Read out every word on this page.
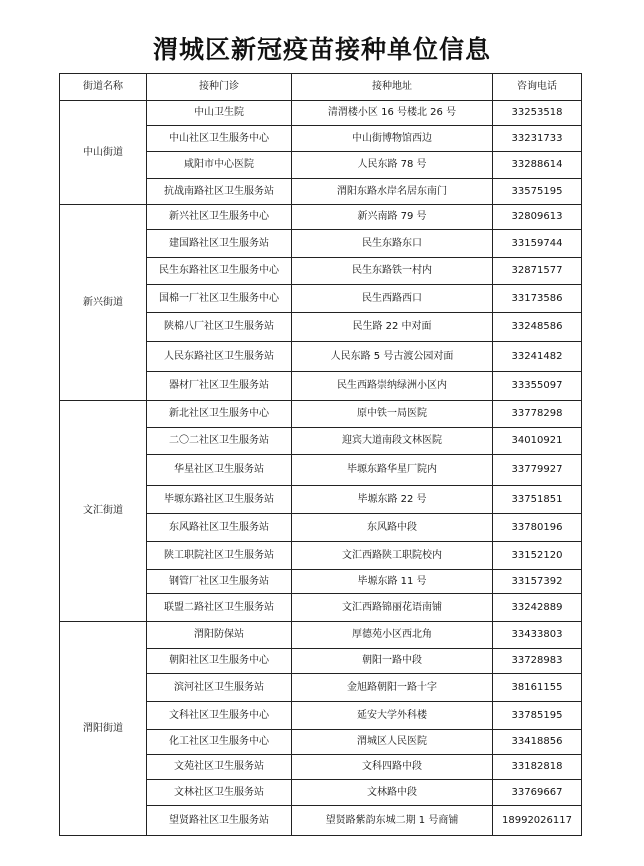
渭城区新冠疫苗接种单位信息
街道名称	接种门诊	接种地址	咨询电话
中山街道	中山卫生院	清渭楼小区 16 号楼北 26 号	33253518
	中山社区卫生服务中心	中山街博物馆西边	33231733
	咸阳市中心医院	人民东路 78 号	33288614
	抗战南路社区卫生服务站	渭阳东路水岸名居东南门	33575195
新兴街道	新兴社区卫生服务中心	新兴南路 79 号	32809613
	建国路社区卫生服务站	民生东路东口	33159744
	民生东路社区卫生服务中心	民生东路铁一村内	32871577
	国棉一厂社区卫生服务中心	民生西路西口	33173586
	陕棉八厂社区卫生服务站	民生路 22 中对面	33248586
	人民东路社区卫生服务站	人民东路 5 号古渡公园对面	33241482
	器材厂社区卫生服务站	民生西路崇纳绿洲小区内	33355097
文汇街道	新北社区卫生服务中心	原中铁一局医院	33778298
	二〇二社区卫生服务站	迎宾大道南段文林医院	34010921
	华星社区卫生服务站	毕塬东路华星厂院内	33779927
	毕塬东路社区卫生服务站	毕塬东路 22 号	33751851
	东风路社区卫生服务站	东风路中段	33780196
	陕工职院社区卫生服务站	文汇西路陕工职院校内	33152120
	钢管厂社区卫生服务站	毕塬东路 11 号	33157392
	联盟二路社区卫生服务站	文汇西路锦丽花语南铺	33242889
渭阳街道	渭阳防保站	厚德苑小区西北角	33433803
	朝阳社区卫生服务中心	朝阳一路中段	33728983
	滨河社区卫生服务站	金旭路朝阳一路十字	38161155
	文科社区卫生服务中心	延安大学外科楼	33785195
	化工社区卫生服务中心	渭城区人民医院	33418856
	文苑社区卫生服务站	文科四路中段	33182818
	文林社区卫生服务站	文林路中段	33769667
	望贤路社区卫生服务站	望贤路紫韵东城二期 1 号商铺	18992026117
